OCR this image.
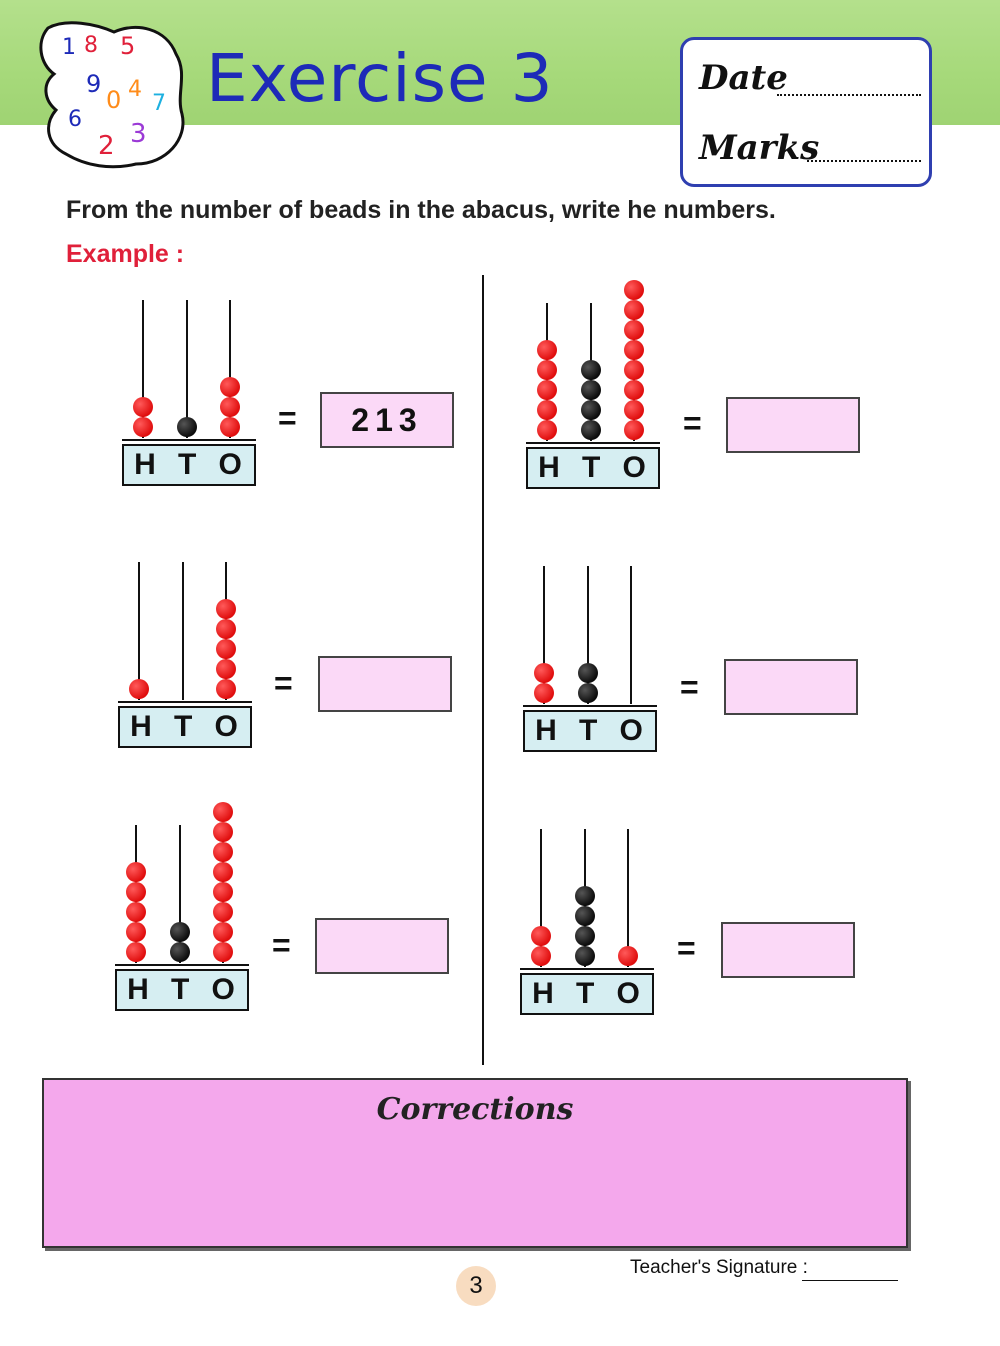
1 8 5
9
0 4
7
6
2 3
Exercise 3	Date
Marks
From the number of beads in the abacus, write he numbers.
Example :
H T O
=	213
H T O
=
H T O
=
H T O
=
H T O
=
H T O
=
Corrections
3
Teacher's Signature :
